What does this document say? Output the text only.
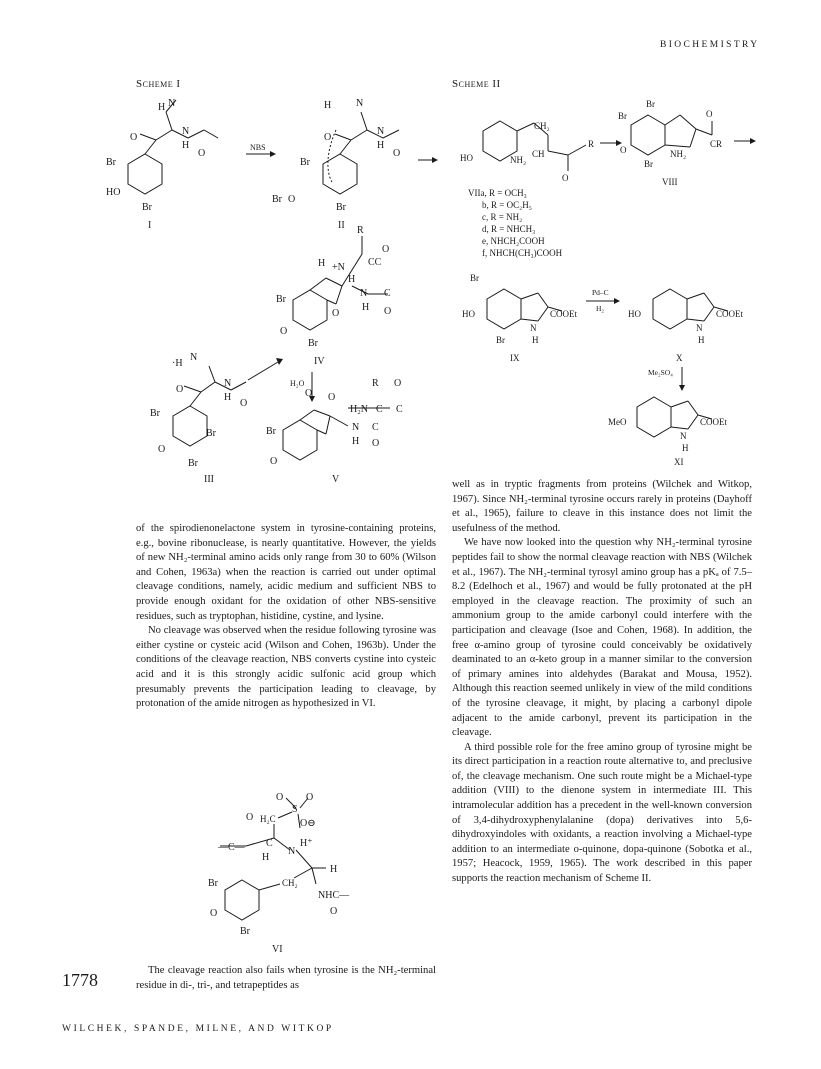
BIOCHEMISTRY
Scheme I
H N
O
N
H
O
Br
HO
Br
I
NBS
H N
O
N
H
O
Br
Br O
Br
II R
CC
O
H +N
H
O
N
H
C
O
Br
O
Br
IV
H₂O
·H
N
O
N
H
O
Br
Br
O
Br
III
O O
H₂N
R O
C C
N
H
C
O
Br
O
V
Scheme II
CH₂
CH
NH₂
O
R
HO
VIIa, R = OCH₃
b, R = OC₂H₅
c, R = NH₂
d, R = NHCH₃
e, NHCH₂COOH
f, NHCH(CH₃)COOH
Br
Br
O	NH₂
Br
O
CR
VIII
Br
HO
N
H
COOEt
Br
IX
Pd–C
H₂
HO
N
H
COOEt
X
Me₂SO₄
MeO
N
H
COOEt
XI
O
S
O
O⊖
H₂C
O
C
—C—
H
N
H⁺
H
CH₂
NHC—
O
Br
O
Br
VI

of the spirodienonelactone system in tyrosine-containing proteins, e.g., bovine ribonuclease, is nearly quantitative. However, the yields of new NH₂-terminal amino acids only range from 30 to 60% (Wilson and Cohen, 1963a) when the reaction is carried out under optimal cleavage conditions, namely, acidic medium and sufficient NBS to provide enough oxidant for the oxidation of other NBS-sensitive residues, such as tryptophan, histidine, cystine, and lysine.

No cleavage was observed when the residue following tyrosine was either cystine or cysteic acid (Wilson and Cohen, 1963b). Under the conditions of the cleavage reaction, NBS converts cystine into cysteic acid and it is this strongly acidic sulfonic acid group which presumably prevents the participation leading to cleavage, by protonation of the amide nitrogen as hypothesized in VI.

The cleavage reaction also fails when tyrosine is the NH₂-terminal residue in di-, tri-, and tetrapeptides as

well as in tryptic fragments from proteins (Wilchek and Witkop, 1967). Since NH₂-terminal tyrosine occurs rarely in proteins (Dayhoff et al., 1965), failure to cleave in this instance does not limit the usefulness of the method.

We have now looked into the question why NH₂-terminal tyrosine peptides fail to show the normal cleavage reaction with NBS (Wilchek et al., 1967). The NH₂-terminal tyrosyl amino group has a pKₐ of 7.5–8.2 (Edelhoch et al., 1967) and would be fully protonated at the pH employed in the cleavage reaction. The proximity of such an ammonium group to the amide carbonyl could interfere with the participation and cleavage (Isoe and Cohen, 1968). In addition, the free α-amino group of tyrosine could conceivably be oxidatively deaminated to an α-keto group in a manner similar to the conversion of primary amines into aldehydes (Barakat and Mousa, 1952). Although this reaction seemed unlikely in view of the mild conditions of the tyrosine cleavage, it might, by placing a carbonyl dipole adjacent to the amide carbonyl, prevent its participation in the cleavage.

A third possible role for the free amino group of tyrosine might be its direct participation in a reaction route alternative to, and preclusive of, the cleavage mechanism. One such route might be a Michael-type addition (VIII) to the dienone system in intermediate III. This intramolecular addition has a precedent in the well-known conversion of 3,4-dihydroxyphenylalanine (dopa) derivatives into 5,6-dihydroxyindoles with oxidants, a reaction involving a Michael-type addition to an intermediate o-quinone, dopa-quinone (Sobotka et al., 1957; Heacock, 1959, 1965). The work described in this paper supports the reaction mechanism of Scheme II.

1778
WILCHEK, SPANDE, MILNE, AND WITKOP
